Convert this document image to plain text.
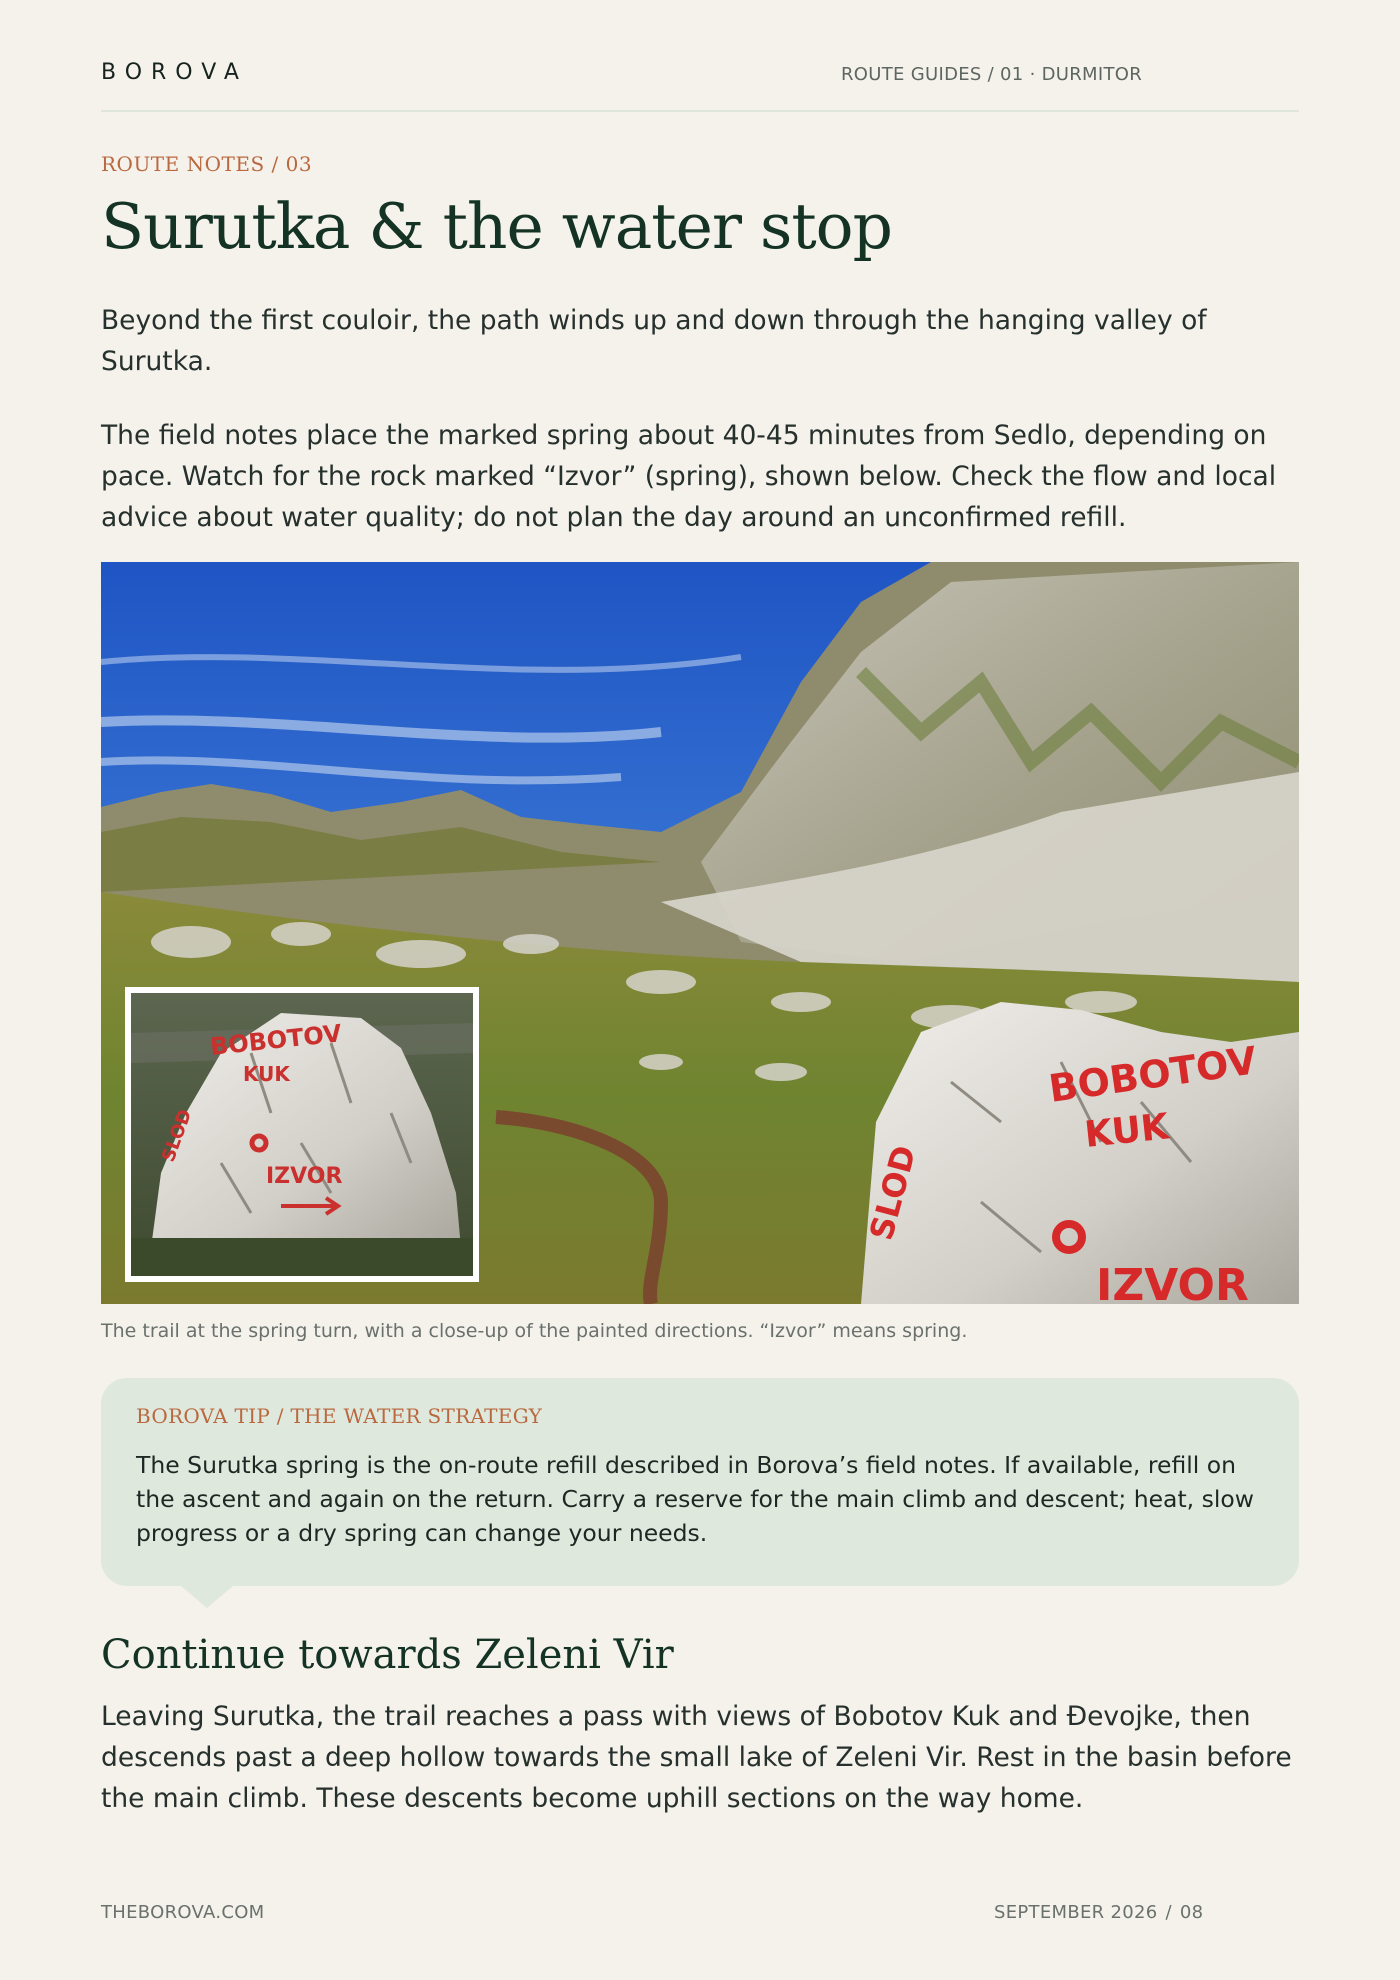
BOROVA	ROUTE GUIDES / 01 · DURMITOR
ROUTE NOTES / 03
Surutka & the water stop

Beyond the first couloir, the path winds up and down through the hanging valley of Surutka.

The field notes place the marked spring about 40-45 minutes from Sedlo, depending on pace. Watch for the rock marked “Izvor” (spring), shown below. Check the flow and local advice about water quality; do not plan the day around an unconfirmed refill.

BOBOTOV
KUK
SLOD
IZVOR
BOBOTOV
KUK
SLOD
IZVOR
The trail at the spring turn, with a close-up of the painted directions. “Izvor” means spring.
BOROVA TIP / THE WATER STRATEGY

The Surutka spring is the on-route refill described in Borova’s field notes. If available, refill on the ascent and again on the return. Carry a reserve for the main climb and descent; heat, slow progress or a dry spring can change your needs.

Continue towards Zeleni Vir

Leaving Surutka, the trail reaches a pass with views of Bobotov Kuk and Đevojke, then descends past a deep hollow towards the small lake of Zeleni Vir. Rest in the basin before the main climb. These descents become uphill sections on the way home.

THEBOROVA.COM	SEPTEMBER 2026 / 08
